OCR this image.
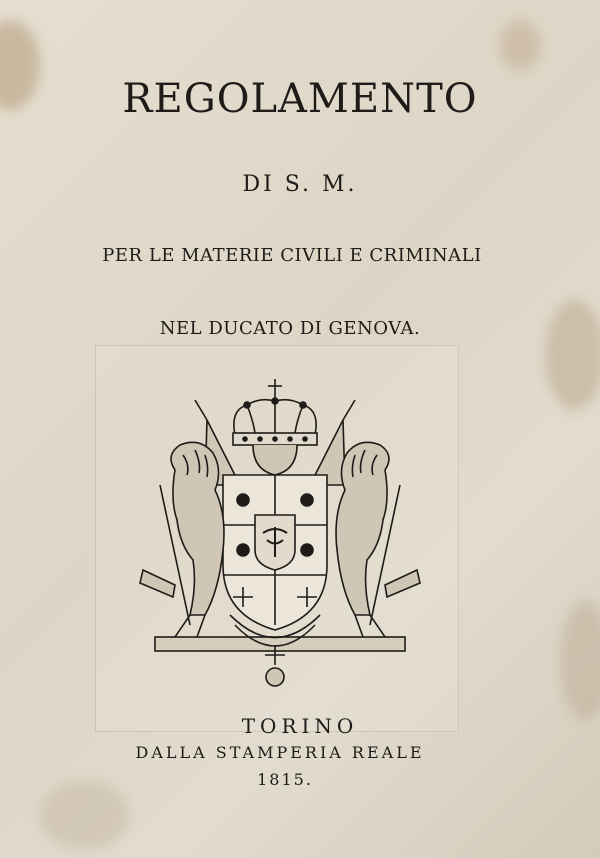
REGOLAMENTO
DI S. M.
PER LE MATERIE CIVILI E CRIMINALI
NEL DUCATO DI GENOVA.
TORINO
DALLA STAMPERIA REALE
1815.
